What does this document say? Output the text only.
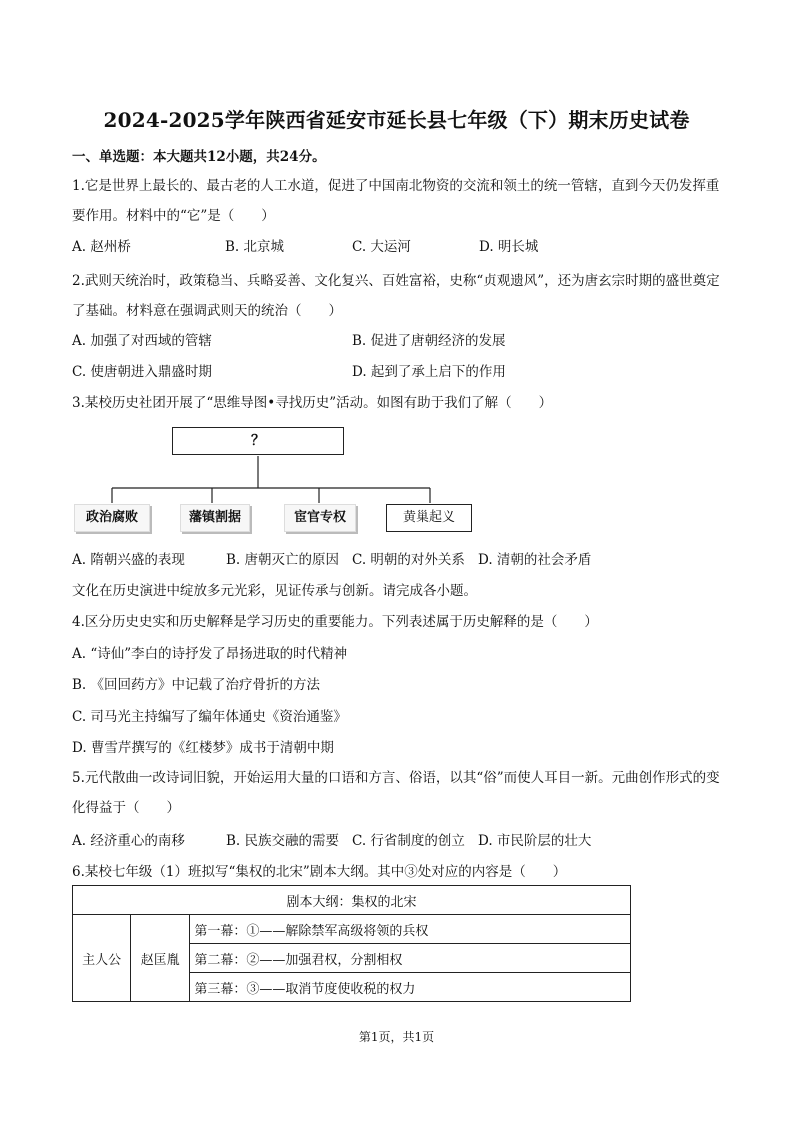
2024-2025学年陕西省延安市延长县七年级（下）期末历史试卷
一、单选题：本大题共12小题，共24分。
1.它是世界上最长的、最古老的人工水道，促进了中国南北物资的交流和领土的统一管辖，直到今天仍发挥重要作用。材料中的“它”是（　　）
A. 赵州桥	B. 北京城	C. 大运河	D. 明长城
2.武则天统治时，政策稳当、兵略妥善、文化复兴、百姓富裕，史称“贞观遗风”，还为唐玄宗时期的盛世奠定了基础。材料意在强调武则天的统治（　　）
A. 加强了对西域的管辖	B. 促进了唐朝经济的发展
C. 使唐朝进入鼎盛时期	D. 起到了承上启下的作用
3.某校历史社团开展了“思维导图•寻找历史”活动。如图有助于我们了解（　　）
？
政治腐败	藩镇割据	宦官专权	黄巢起义
A. 隋朝兴盛的表现	B. 唐朝灭亡的原因 C. 明朝的对外关系 D. 清朝的社会矛盾
文化在历史演进中绽放多元光彩，见证传承与创新。请完成各小题。
4.区分历史史实和历史解释是学习历史的重要能力。下列表述属于历史解释的是（　　）
A. “诗仙”李白的诗抒发了昂扬进取的时代精神
B. 《回回药方》中记载了治疗骨折的方法
C. 司马光主持编写了编年体通史《资治通鉴》
D. 曹雪芹撰写的《红楼梦》成书于清朝中期
5.元代散曲一改诗词旧貌，开始运用大量的口语和方言、俗语，以其“俗”而使人耳目一新。元曲创作形式的变化得益于（　　）
A. 经济重心的南移	B. 民族交融的需要 C. 行省制度的创立 D. 市民阶层的壮大
6.某校七年级（1）班拟写“集权的北宋”剧本大纲。其中③处对应的内容是（　　）
剧本大纲：集权的北宋
主人公	赵匡胤	第一幕：①——解除禁军高级将领的兵权
第二幕：②——加强君权，分割相权
第三幕：③——取消节度使收税的权力
第1页，共1页
